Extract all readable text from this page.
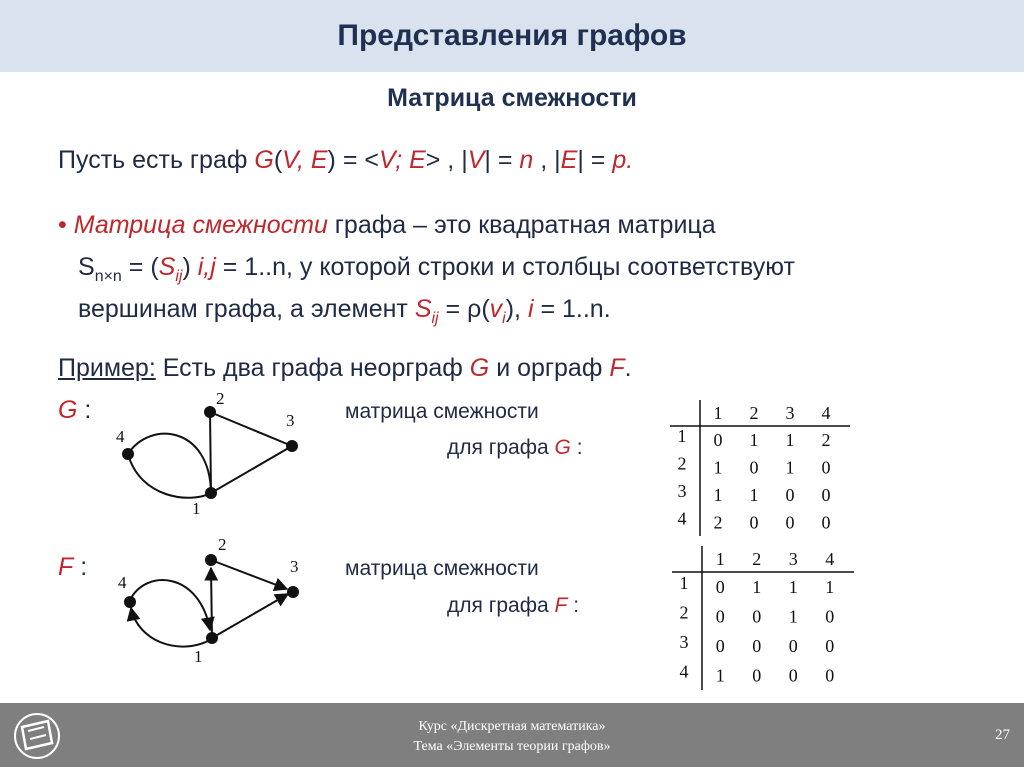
Представления графов
Матрица смежности
Пусть есть граф G(V, E) = <V; E> , |V| = n , |E| = p.
• Матрица смежности графа – это квадратная матрица
$S_{n\times n} = (S_{ij}) i,j = 1..n$, у которой строки и столбцы соответствуют
вершинам графа, а элемент $S_{ij} = \rho(v_i)$, i = 1..n.
Пример: Есть два графа неорграф G и орграф F.
G :
1
2
3
4
матрица смежности
для графа G :
1 2 3 4
1 0 1 1 2
2 1 0 1 0
3 1 1 0 0
4 2 0 0 0
F :
1
2
3
4
матрица смежности
для графа F :
1 2 3 4
1 0 1 1 1
2 0 0 1 0
3 0 0 0 0
4 1 0 0 0
Курс «Дискретная математика»
Тема «Элементы теории графов»
27
